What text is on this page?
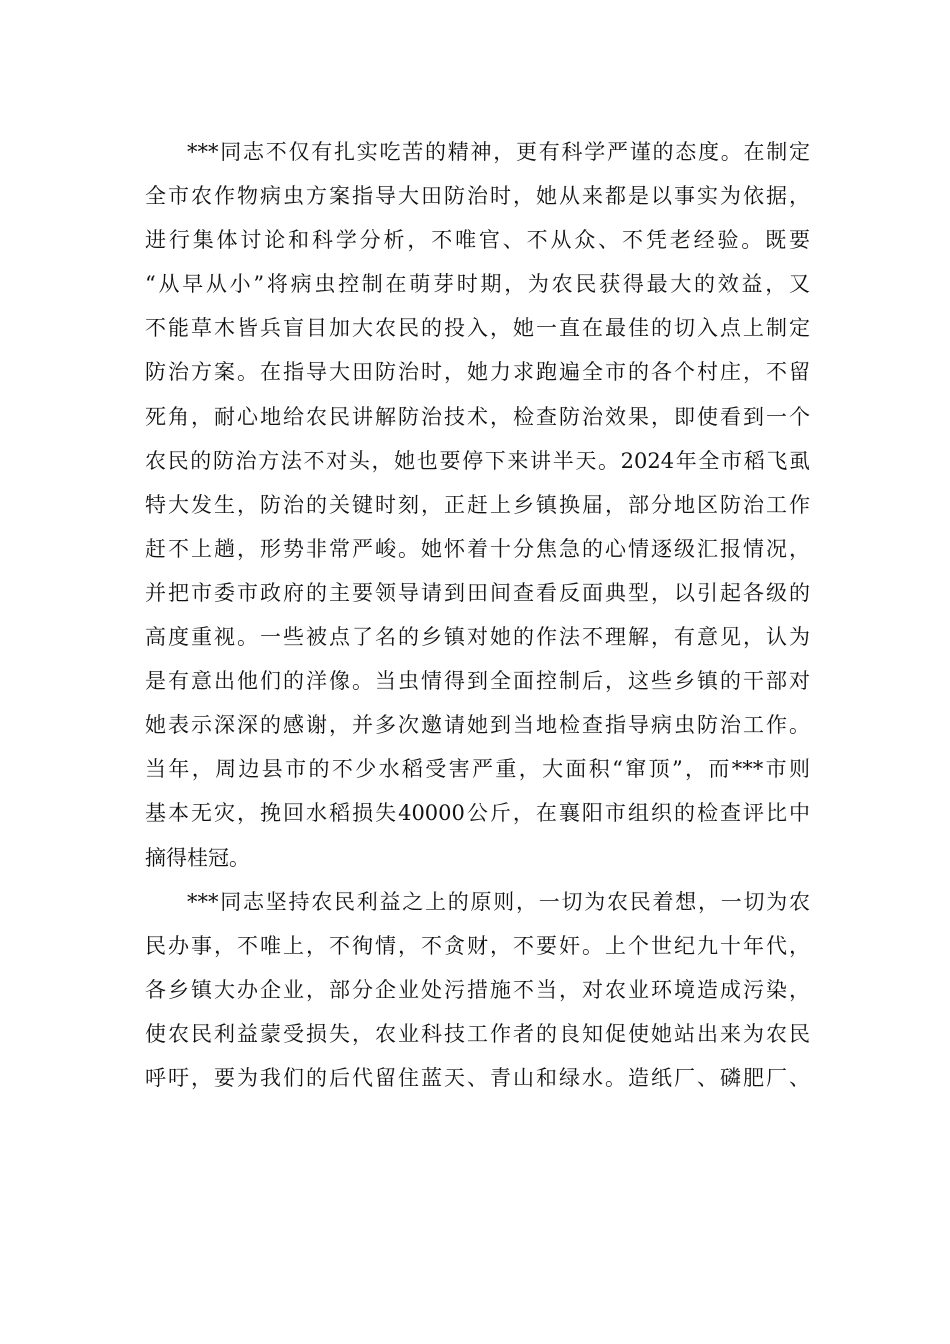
***同志不仅有扎实吃苦的精神，更有科学严谨的态度。在制定
全市农作物病虫方案指导大田防治时，她从来都是以事实为依据，
进行集体讨论和科学分析，不唯官、不从众、不凭老经验。既要
“从早从小”将病虫控制在萌芽时期，为农民获得最大的效益，又
不能草木皆兵盲目加大农民的投入，她一直在最佳的切入点上制定
防治方案。在指导大田防治时，她力求跑遍全市的各个村庄，不留
死角，耐心地给农民讲解防治技术，检查防治效果，即使看到一个
农民的防治方法不对头，她也要停下来讲半天。2024年全市稻飞虱
特大发生，防治的关键时刻，正赶上乡镇换届，部分地区防治工作
赶不上趟，形势非常严峻。她怀着十分焦急的心情逐级汇报情况，
并把市委市政府的主要领导请到田间查看反面典型，以引起各级的
高度重视。一些被点了名的乡镇对她的作法不理解，有意见，认为
是有意出他们的洋像。当虫情得到全面控制后，这些乡镇的干部对
她表示深深的感谢，并多次邀请她到当地检查指导病虫防治工作。
当年，周边县市的不少水稻受害严重，大面积“窜顶”，而***市则
基本无灾，挽回水稻损失40000公斤，在襄阳市组织的检查评比中
摘得桂冠。
***同志坚持农民利益之上的原则，一切为农民着想，一切为农
民办事，不唯上，不徇情，不贪财，不要奸。上个世纪九十年代，
各乡镇大办企业，部分企业处污措施不当，对农业环境造成污染，
使农民利益蒙受损失，农业科技工作者的良知促使她站出来为农民
呼吁，要为我们的后代留住蓝天、青山和绿水。造纸厂、磷肥厂、
